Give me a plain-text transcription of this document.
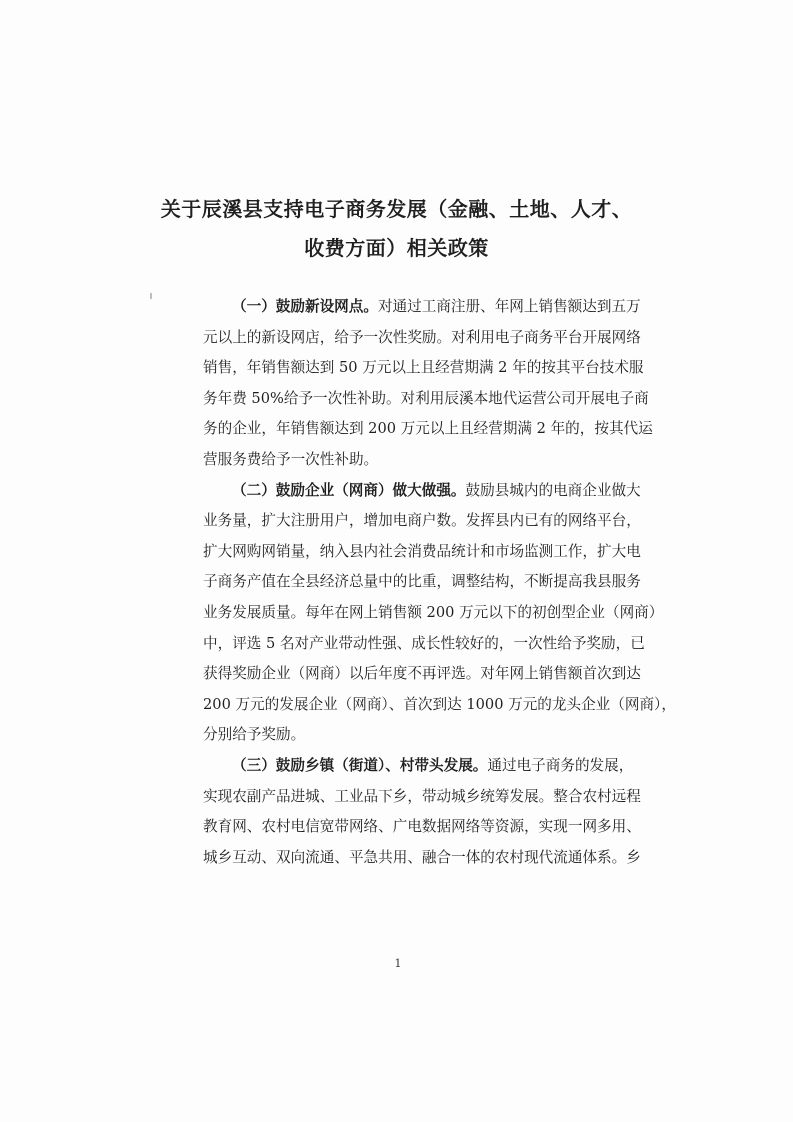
关于辰溪县支持电子商务发展（金融、土地、人才、
收费方面）相关政策

（一）鼓励新设网点。对通过工商注册、年网上销售额达到五万
元以上的新设网店，给予一次性奖励。对利用电子商务平台开展网络
销售，年销售额达到 50 万元以上且经营期满 2 年的按其平台技术服
务年费 50%给予一次性补助。对利用辰溪本地代运营公司开展电子商
务的企业，年销售额达到 200 万元以上且经营期满 2 年的，按其代运
营服务费给予一次性补助。

（二）鼓励企业（网商）做大做强。鼓励县城内的电商企业做大
业务量，扩大注册用户，增加电商户数。发挥县内已有的网络平台，
扩大网购网销量，纳入县内社会消费品统计和市场监测工作，扩大电
子商务产值在全县经济总量中的比重，调整结构，不断提高我县服务
业务发展质量。每年在网上销售额 200 万元以下的初创型企业（网商）
中，评选 5 名对产业带动性强、成长性较好的，一次性给予奖励，已
获得奖励企业（网商）以后年度不再评选。对年网上销售额首次到达
200 万元的发展企业（网商）、首次到达 1000 万元的龙头企业（网商），
分别给予奖励。

（三）鼓励乡镇（街道）、村带头发展。通过电子商务的发展，
实现农副产品进城、工业品下乡，带动城乡统筹发展。整合农村远程
教育网、农村电信宽带网络、广电数据网络等资源，实现一网多用、
城乡互动、双向流通、平急共用、融合一体的农村现代流通体系。乡

1
